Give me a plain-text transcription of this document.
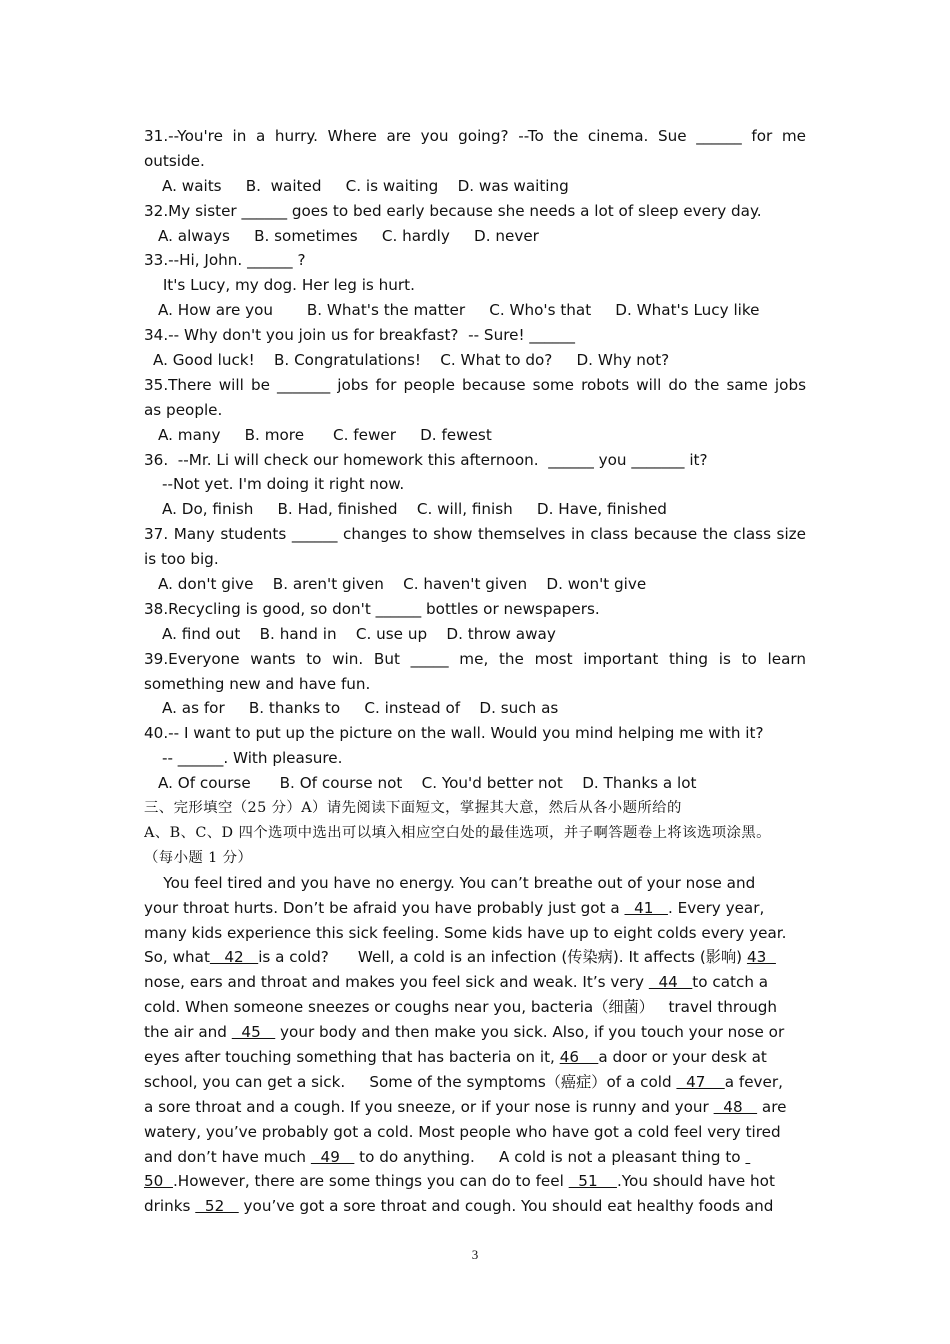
31.--You're in a hurry. Where are you going? --To the cinema. Sue ______ for me
outside.
A. waits     B.  waited     C. is waiting    D. was waiting
32.My sister ______ goes to bed early because she needs a lot of sleep every day.
A. always     B. sometimes     C. hardly     D. never
33.--Hi, John. ______ ?
It's Lucy, my dog. Her leg is hurt.
A. How are you       B. What's the matter     C. Who's that     D. What's Lucy like
34.-- Why don't you join us for breakfast?  -- Sure! ______
A. Good luck!    B. Congratulations!    C. What to do?     D. Why not?
35.There will be _______ jobs for people because some robots will do the same jobs
as people.
A. many     B. more      C. fewer     D. fewest
36.  --Mr. Li will check our homework this afternoon.  ______ you _______ it?
--Not yet. I'm doing it right now.
A. Do, finish     B. Had, finished    C. will, finish     D. Have, finished
37. Many students ______ changes to show themselves in class because the class size
is too big.
A. don't give    B. aren't given    C. haven't given    D. won't give
38.Recycling is good, so don't ______ bottles or newspapers.
A. find out    B. hand in    C. use up    D. throw away
39.Everyone wants to win. But _____ me, the most important thing is to learn
something new and have fun.
A. as for     B. thanks to     C. instead of    D. such as
40.-- I want to put up the picture on the wall. Would you mind helping me with it?
-- ______. With pleasure.
A. Of course      B. Of course not    C. You'd better not    D. Thanks a lot
三、完形填空（25 分）A）请先阅读下面短文，掌握其大意，然后从各小题所给的
A、B、C、D 四个选项中选出可以填入相应空白处的最佳选项，并子啊答题卷上将该选项涂黑。
（每小题 1 分）
You feel tired and you have no energy. You can’t breathe out of your nose and
your throat hurts. Don’t be afraid you have probably just got a   41   . Every year,
many kids experience this sick feeling. Some kids have up to eight colds every year.
So, what   42   is a cold?      Well, a cold is an infection (传染病). It affects (影响) 43
nose, ears and throat and makes you feel sick and weak. It’s very   44   to catch a
cold. When someone sneezes or coughs near you, bacteria（细菌）   travel through
the air and   45    your body and then make you sick. Also, if you touch your nose or
eyes after touching something that has bacteria on it, 46    a door or your desk at
school, you can get a sick.     Some of the symptoms（癌症）of a cold   47    a fever,
a sore throat and a cough. If you sneeze, or if your nose is runny and your   48    are
watery, you’ve probably got a cold. Most people who have got a cold feel very tired
and don’t have much   49    to do anything.     A cold is not a pleasant thing to
50  .However, there are some things you can do to feel   51    .You should have hot
drinks   52    you’ve got a sore throat and cough. You should eat healthy foods and
3
